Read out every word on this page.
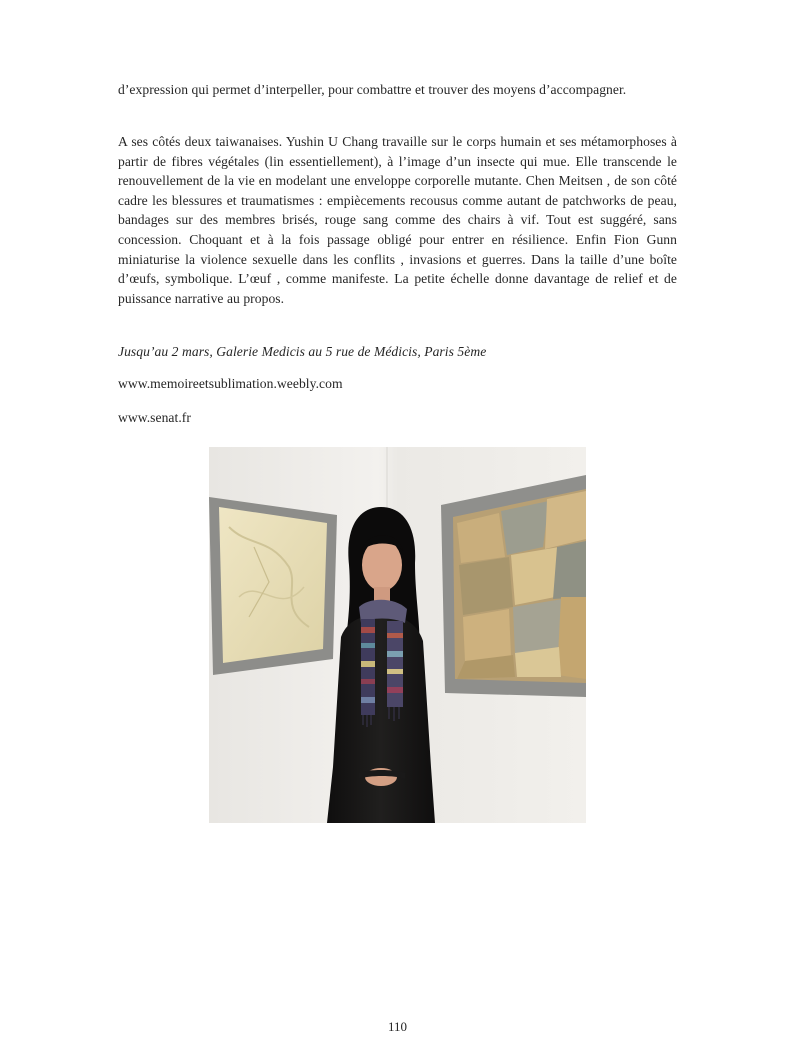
d’expression qui permet d’interpeller, pour combattre et trouver des moyens d’accompagner.

A ses côtés deux taiwanaises. Yushin U Chang travaille sur le corps humain et ses métamorphoses à partir de fibres végétales (lin essentiellement), à l’image d’un insecte qui mue. Elle transcende le renouvellement de la vie en modelant une enveloppe corporelle mutante. Chen Meitsen , de son côté cadre les blessures et traumatismes : empiècements recousus comme autant de patchworks de peau, bandages sur des membres brisés, rouge sang comme des chairs à vif. Tout est suggéré, sans concession. Choquant et à la fois passage obligé pour entrer en résilience. Enfin Fion Gunn miniaturise la violence sexuelle dans les conflits , invasions et guerres. Dans la taille d’une boîte d’œufs, symbolique. L’œuf , comme manifeste. La petite échelle donne davantage de relief et de puissance narrative au propos.

Jusqu’au 2 mars, Galerie Medicis au 5 rue de Médicis, Paris 5ème

www.memoireetsublimation.weebly.com

www.senat.fr

110
